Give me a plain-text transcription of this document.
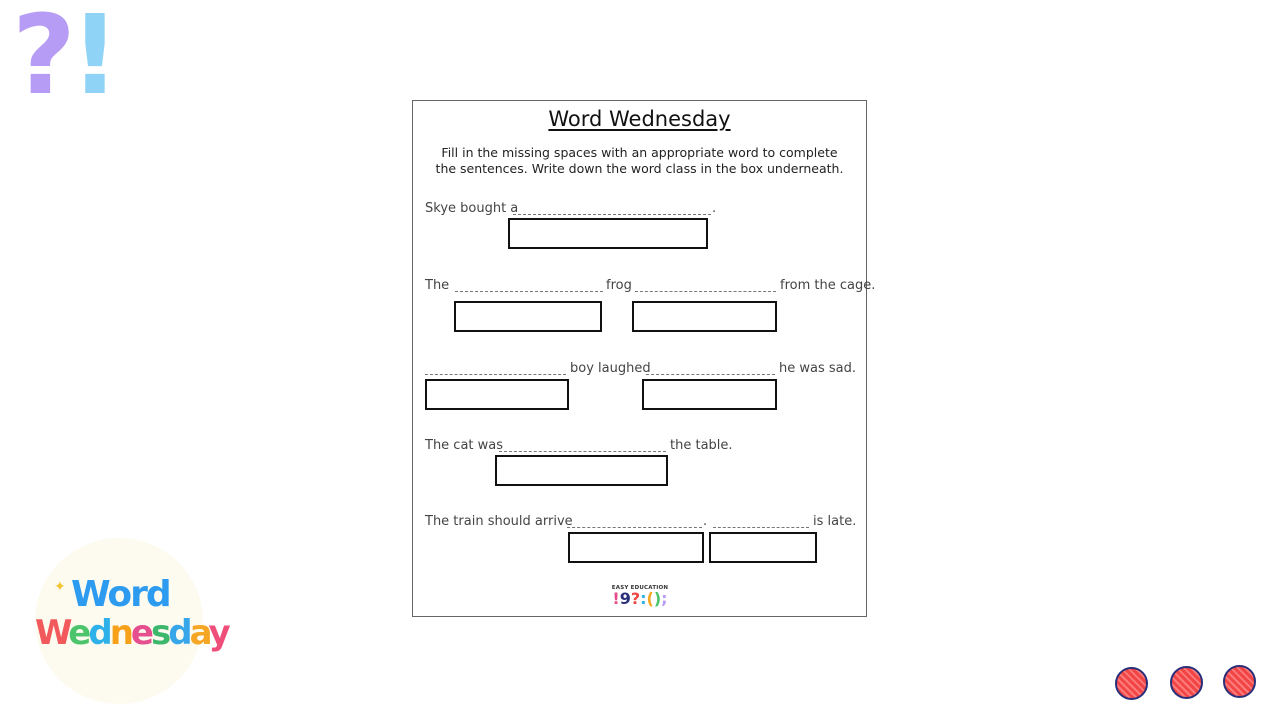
?
!	Word Wednesday
Fill in the missing spaces with an appropriate word to complete the sentences. Write down the word class in the box underneath.
Skye bought a	.
The	frog	from the cage.
boy laughed	he was sad.
The cat was	the table.
The train should arrive	.	is late.
EASY EDUCATION
!9?:();
✦ Word
Wednesday
